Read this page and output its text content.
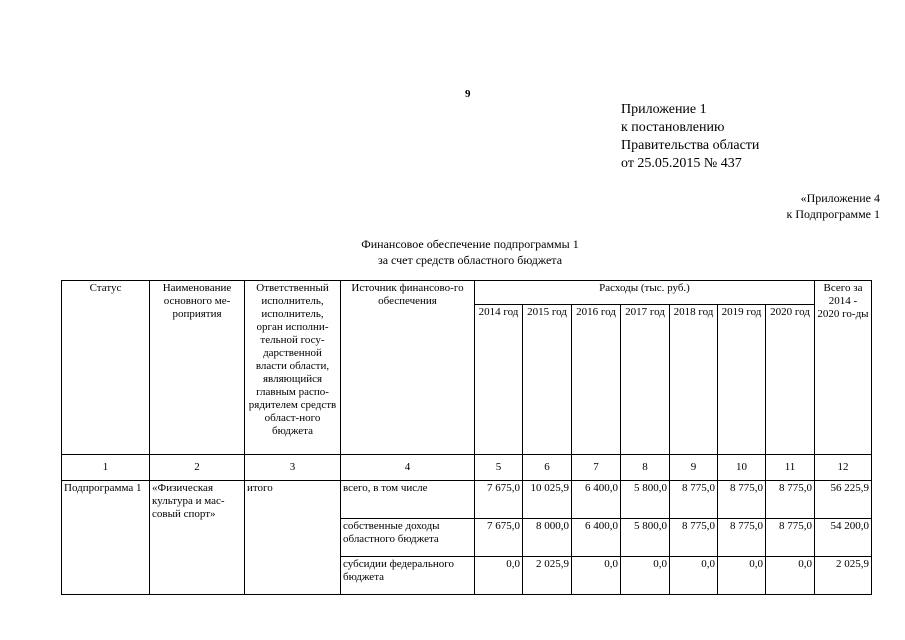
9
Приложение 1
к постановлению
Правительства области
от 25.05.2015 № 437
«Приложение 4
к Подпрограмме 1
Финансовое обеспечение подпрограммы 1
за счет средств областного бюджета
Статус	Наименование основного ме-роприятия	Ответственный исполнитель, исполнитель, орган исполни-тельной госу-дарственной власти области, являющийся главным распо-рядителем средств област-ного бюджета	Источник финансово-го обеспечения	Расходы (тыс. руб.)							Всего за 2014 - 2020 го-ды
				2014 год	2015 год	2016 год	2017 год	2018 год	2019 год	2020 год	
1	2	3	4	5	6	7	8	9	10	11	12
Подпрограмма 1	«Физическая культура и мас-совый спорт»	итого	всего, в том числе	7 675,0	10 025,9	6 400,0	5 800,0	8 775,0	8 775,0	8 775,0	56 225,9
			собственные доходы областного бюджета	7 675,0	8 000,0	6 400,0	5 800,0	8 775,0	8 775,0	8 775,0	54 200,0
			субсидии федерального бюджета	0,0	2 025,9	0,0	0,0	0,0	0,0	0,0	2 025,9
